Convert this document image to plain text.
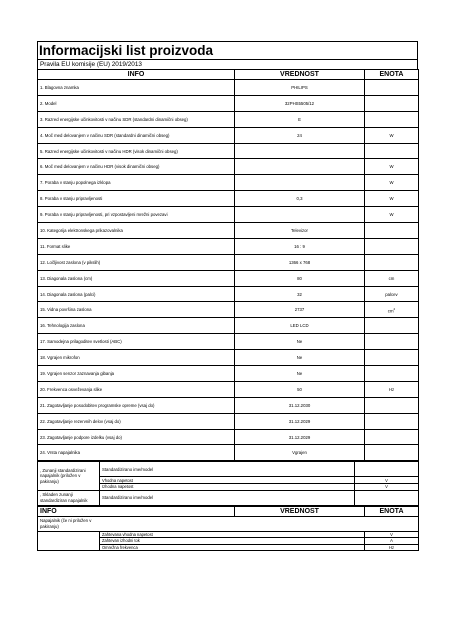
Informacijski list proizvoda
Pravila EU komisije (EU) 2019/2013
INFO	VREDNOST	ENOTA
1. Blagovna znamka	PHILIPS	
2. Model	32PHS5505/12	
3. Razred energijske učinkovitosti v načinu SDR (standardni dinamični obseg)	E	
4. Moč med delovanjem v načinu SDR (standardni dinamični obseg)	24	W
5. Razred energijske učinkovitosti v načinu HDR (visok dinamični obseg)		
6. Moč med delovanjem v načinu HDR (visok dinamični obseg)		W
7. Poraba v stanju popolnega izklopa		W
8. Poraba v stanju pripravljenosti	0,3	W
9. Poraba v stanju pripravljenosti, pri vzpostavljeni mrežni povezavi		W
10. Kategorija elektronskega prikazovalnika	Televizor	
11. Format slike	16 : 9	
12. Ločljivost zaslona (v pikslih)	1366 x 768	
13. Diagonala zaslona (cm)	80	cm
14. Diagonala zaslona (palci)	32	palcev
15. Vidna površina zaslona	2737	$cm^2$
16. Tehnologija zaslona	LED LCD	
17. Samodejna prilagoditev svetlosti (ABC)	Ne	
18. Vgrajen mikrofon	Ne	
19. Vgrajen senzor zaznavanja gibanja	Ne	
20. Frekvenca osveževanja slike	50	Hz
21. Zagotavljanje posodobitev programske opreme (vsaj do)	31.12.2030	
22. Zagotavljanje rezervnih delov (vsaj do)	31.12.2029	
23. Zagotavljanje podpore izdelku (vsaj do)	31.12.2029	
24. Vrsta napajalnika	Vgrajen	
, Zunanji standardizirani napajalnik (priložen v pakiranju)	Standardizirano ime/model	
	Vhodna napetost	V
	Izhodna napetost	V
, Skladen zunanji standardiziran napajalnik	Standardizirano ime/model	
INFO		VREDNOST	ENOTA
Napajalnik (če ni priložen v pakiranju)			
	Zahtevana vhodna napetost		V
	Zahtevan izhodni tok		A
	Omrežna frekvenca		Hz
